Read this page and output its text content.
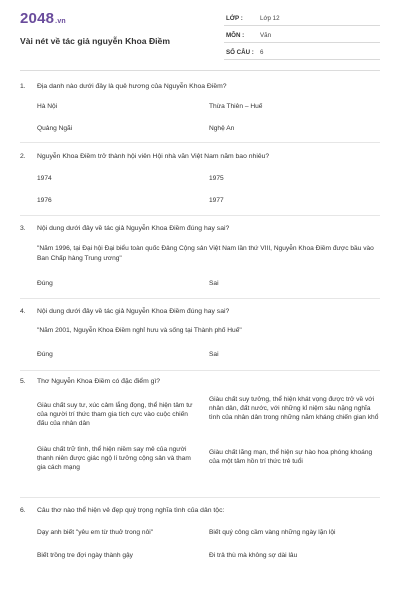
2048.vn
Vài nét về tác giả nguyễn Khoa Điềm
LỚP :	Lớp 12
MÔN :	Văn
SỐ CÂU : 6
1.	Địa danh nào dưới đây là quê hương của Nguyễn Khoa Điềm?
Hà Nội	Thừa Thiên – Huế
Quảng Ngãi	Nghệ An
2.	Nguyễn Khoa Điềm trở thành hội viên Hội nhà văn Việt Nam năm bao nhiêu?
1974	1975
1976	1977
3.	Nội dung dưới đây về tác giả Nguyễn Khoa Điềm đúng hay sai?
"Năm 1996, tại Đại hội Đại biểu toàn quốc Đảng Cộng sản Việt Nam lần thứ VIII, Nguyễn Khoa Điềm được bầu vào Ban Chấp hàng Trung ương"
Đúng	Sai
4.	Nội dung dưới đây về tác giả Nguyễn Khoa Điềm đúng hay sai?
"Năm 2001, Nguyễn Khoa Điềm nghỉ hưu và sống tại Thành phố Huế"
Đúng	Sai
5.	Thơ Nguyễn Khoa Điềm có đặc điểm gì?
Giàu chất suy tư, xúc cảm lắng đọng, thể hiện tâm tư của người trí thức tham gia tích cực vào cuộc chiến đấu của nhân dân
Giàu chất suy tưởng, thể hiện khát vọng được trở về với nhân dân, đất nước, với những kỉ niệm sâu nặng nghĩa tình của nhân dân trong những năm kháng chiến gian khổ
Giàu chất trữ tình, thể hiện niềm say mê của người thanh niên được giác ngộ lí tưởng cộng sản và tham gia cách mạng
Giàu chất lãng mạn, thể hiện sự hào hoa phóng khoáng của một tâm hồn trí thức trẻ tuổi
6.	Câu thơ nào thể hiện vẻ đẹp quý trọng nghĩa tình của dân tộc:
Dạy anh biết "yêu em từ thuở trong nôi"	Biết quý công cầm vàng những ngày lặn lội
Biết trồng tre đợi ngày thành gậy	Đi trả thù mà không sợ dài lâu
